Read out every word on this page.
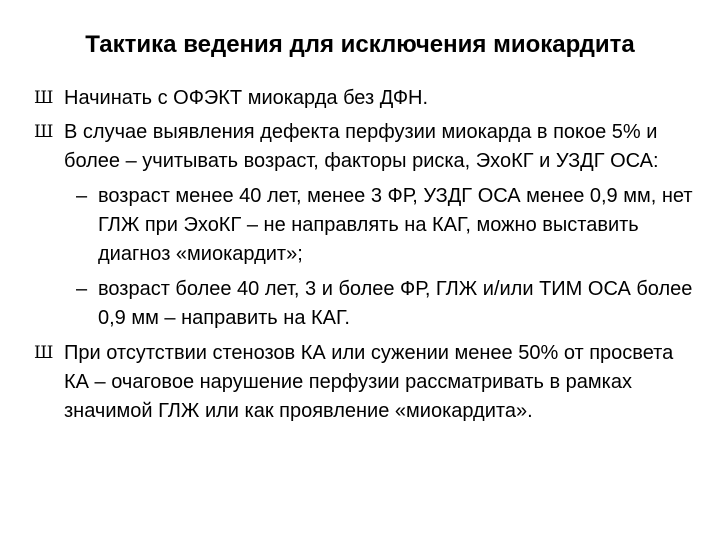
Тактика ведения для исключения миокардита
Ш Начинать с ОФЭКТ миокарда без ДФН.
Ш В случае выявления дефекта перфузии миокарда в покое 5% и более – учитывать возраст, факторы риска, ЭхоКГ и УЗДГ ОСА:
– возраст менее 40 лет, менее 3 ФР, УЗДГ ОСА менее 0,9 мм, нет ГЛЖ при ЭхоКГ – не направлять на КАГ, можно выставить диагноз «миокардит»;
– возраст более 40 лет, 3 и более ФР, ГЛЖ и/или ТИМ ОСА более 0,9 мм – направить на КАГ.
Ш При отсутствии стенозов КА или сужении менее 50% от просвета КА – очаговое нарушение перфузии рассматривать в рамках значимой ГЛЖ или как проявление «миокардита».
